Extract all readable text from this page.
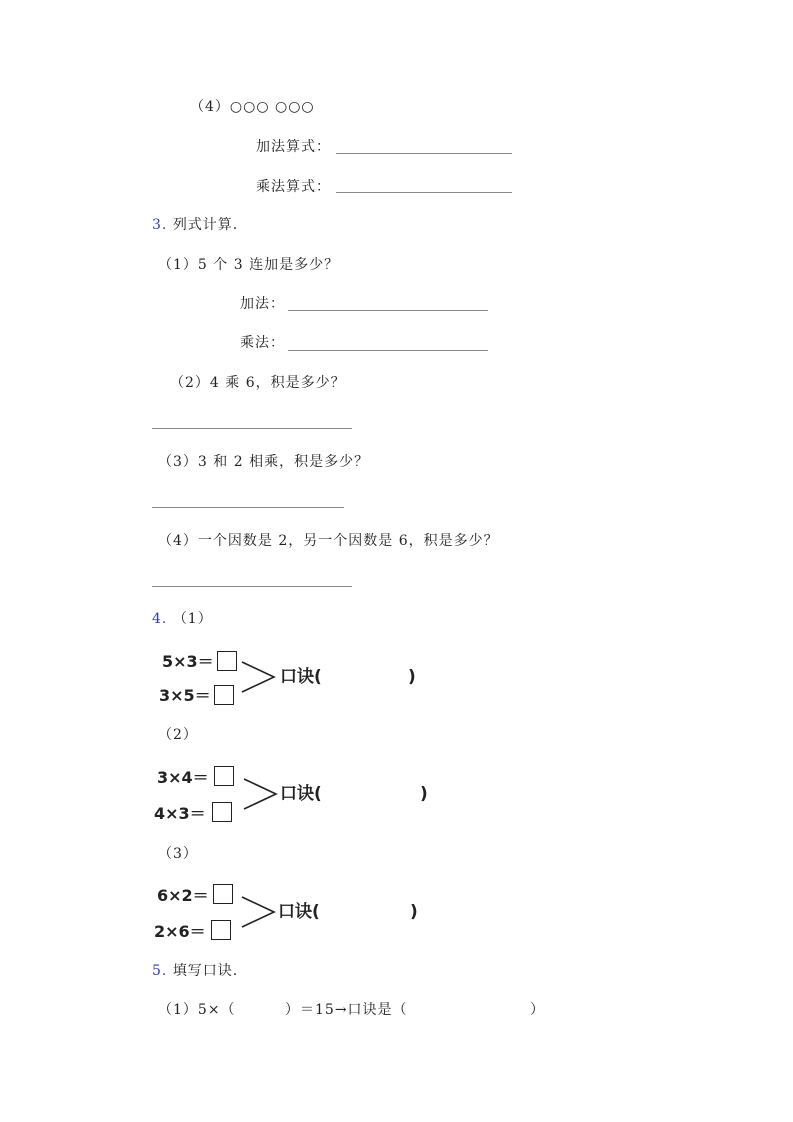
（4）○○○ ○○○
加法算式：
乘法算式：
3. 列式计算.
（1）5 个 3 连加是多少？
加法：
乘法：
（2）4 乘 6，积是多少？
（3）3 和 2 相乘，积是多少？
（4）一个因数是 2，另一个因数是 6，积是多少？
4. （1）
5×3＝
3×5＝
口诀(	)
（2）
3×4＝
4×3＝
口诀(	)
（3）
6×2＝
2×6＝
口诀(	)
5. 填写口诀.
（1）5×（	）＝15→口诀是（	）
